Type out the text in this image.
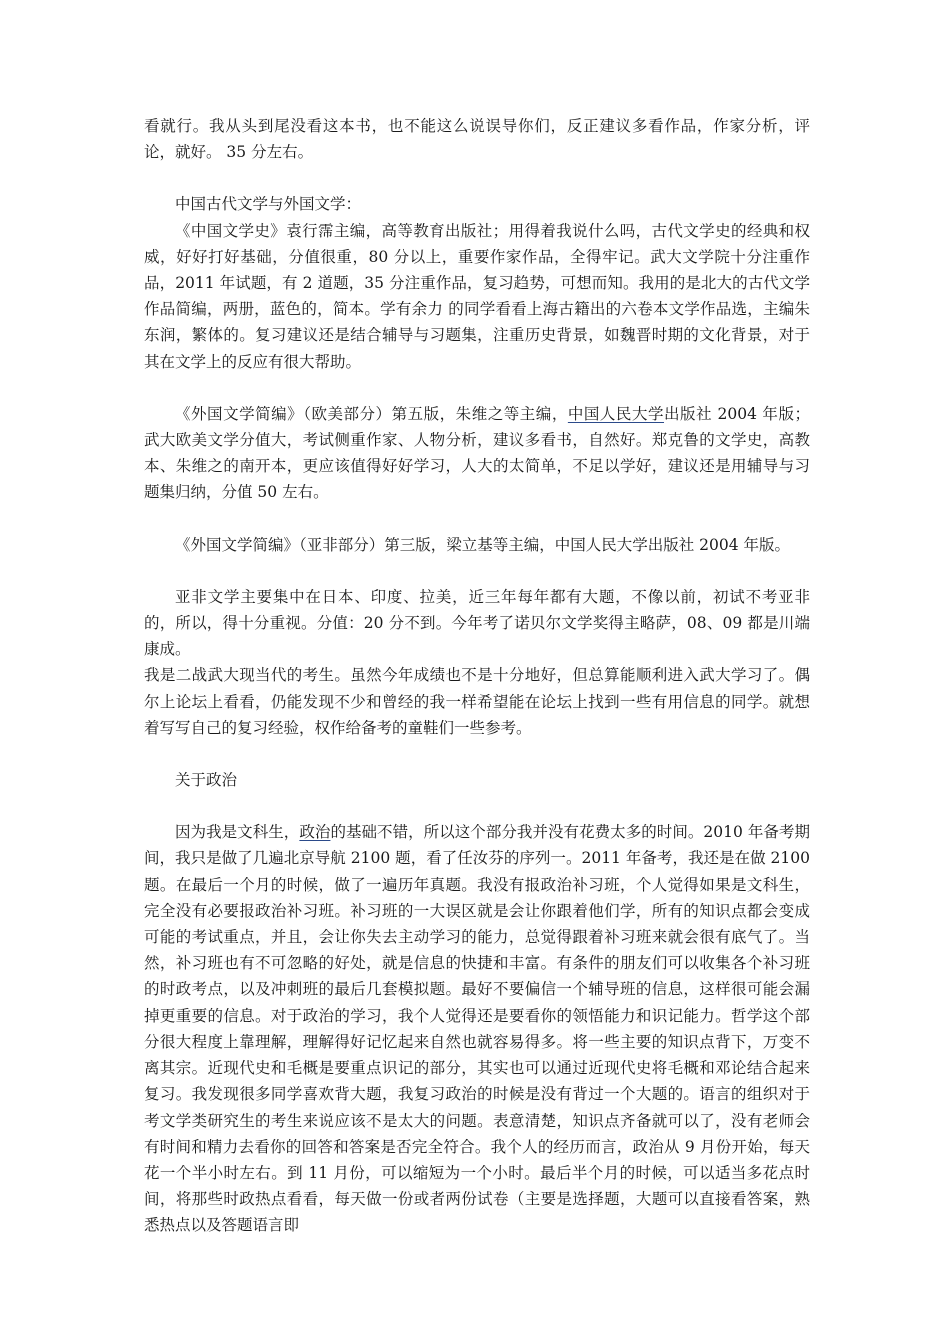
看就行。我从头到尾没看这本书，也不能这么说误导你们，反正建议多看作品，作家分析，评论，就好。 35 分左右。

中国古代文学与外国文学：

《中国文学史》袁行霈主编，高等教育出版社；用得着我说什么吗，古代文学史的经典和权威，好好打好基础，分值很重，80 分以上，重要作家作品，全得牢记。武大文学院十分注重作品，2011 年试题，有 2 道题，35 分注重作品，复习趋势，可想而知。我用的是北大的古代文学作品简编，两册，蓝色的，简本。学有余力 的同学看看上海古籍出的六卷本文学作品选，主编朱东润，繁体的。复习建议还是结合辅导与习题集，注重历史背景，如魏晋时期的文化背景，对于其在文学上的反应有很大帮助。

《外国文学简编》（欧美部分）第五版，朱维之等主编，中国人民大学出版社 2004 年版； 武大欧美文学分值大，考试侧重作家、人物分析，建议多看书，自然好。郑克鲁的文学史，高教本、朱维之的南开本，更应该值得好好学习，人大的太简单，不足以学好，建议还是用辅导与习题集归纳，分值 50 左右。

《外国文学简编》（亚非部分）第三版，梁立基等主编，中国人民大学出版社 2004 年版。

亚非文学主要集中在日本、印度、拉美，近三年每年都有大题，不像以前，初试不考亚非的，所以，得十分重视。分值：20 分不到。今年考了诺贝尔文学奖得主略萨，08、09 都是川端康成。

我是二战武大现当代的考生。虽然今年成绩也不是十分地好，但总算能顺利进入武大学习了。偶尔上论坛上看看，仍能发现不少和曾经的我一样希望能在论坛上找到一些有用信息的同学。就想着写写自己的复习经验，权作给备考的童鞋们一些参考。

关于政治

因为我是文科生，政治的基础不错，所以这个部分我并没有花费太多的时间。2010 年备考期间，我只是做了几遍北京导航 2100 题，看了任汝芬的序列一。2011 年备考，我还是在做 2100 题。在最后一个月的时候，做了一遍历年真题。我没有报政治补习班，个人觉得如果是文科生，完全没有必要报政治补习班。补习班的一大误区就是会让你跟着他们学，所有的知识点都会变成可能的考试重点，并且，会让你失去主动学习的能力，总觉得跟着补习班来就会很有底气了。当然，补习班也有不可忽略的好处，就是信息的快捷和丰富。有条件的朋友们可以收集各个补习班的时政考点，以及冲刺班的最后几套模拟题。最好不要偏信一个辅导班的信息，这样很可能会漏掉更重要的信息。对于政治的学习，我个人觉得还是要看你的领悟能力和识记能力。哲学这个部分很大程度上靠理解，理解得好记忆起来自然也就容易得多。将一些主要的知识点背下，万变不离其宗。近现代史和毛概是要重点识记的部分，其实也可以通过近现代史将毛概和邓论结合起来复习。我发现很多同学喜欢背大题，我复习政治的时候是没有背过一个大题的。语言的组织对于考文学类研究生的考生来说应该不是太大的问题。表意清楚，知识点齐备就可以了，没有老师会有时间和精力去看你的回答和答案是否完全符合。我个人的经历而言，政治从 9 月份开始，每天花一个半小时左右。到 11 月份，可以缩短为一个小时。最后半个月的时候，可以适当多花点时间，将那些时政热点看看，每天做一份或者两份试卷（主要是选择题，大题可以直接看答案，熟悉热点以及答题语言即
